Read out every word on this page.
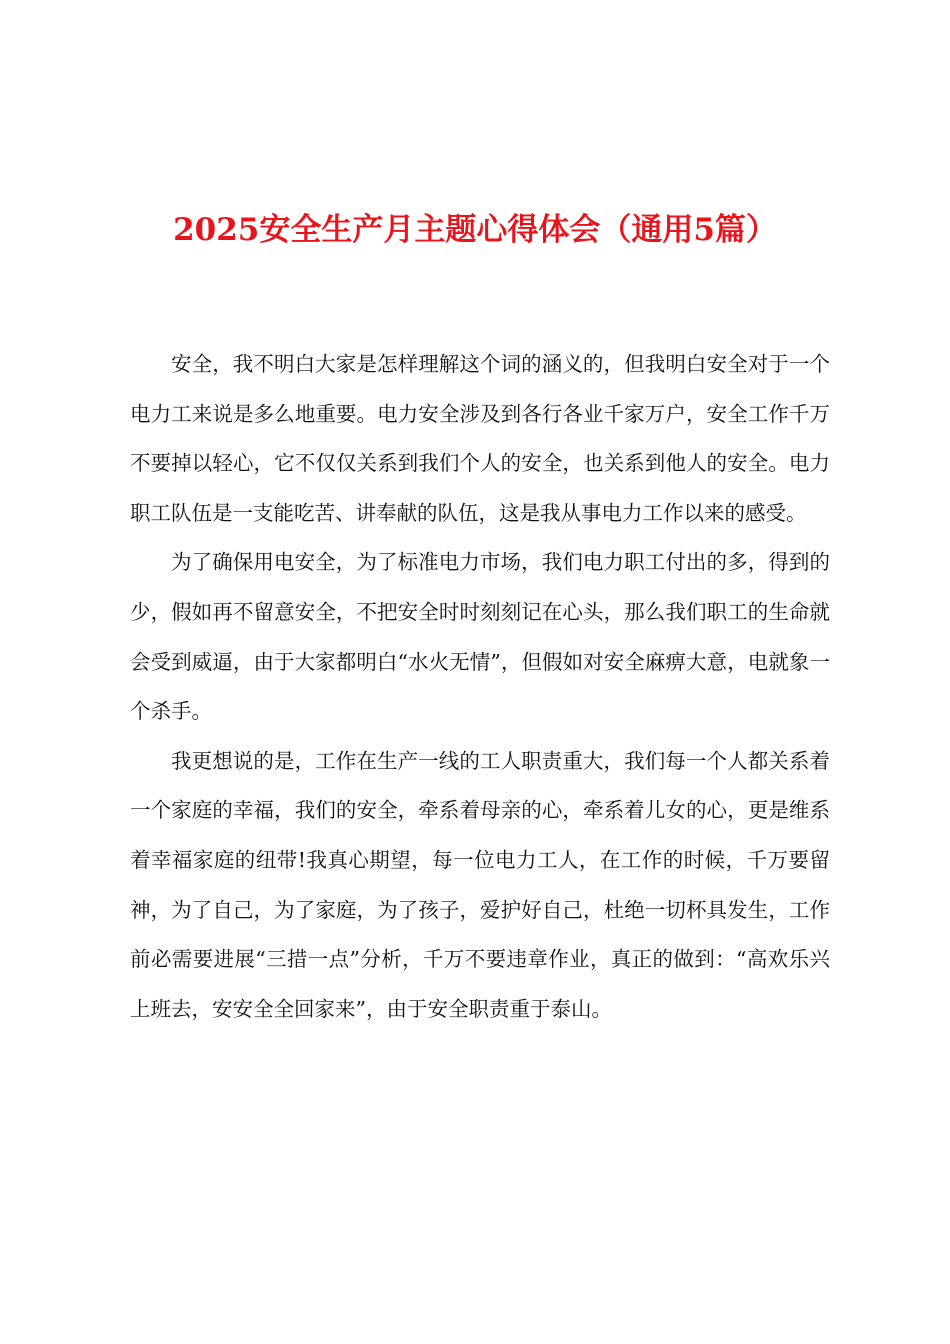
2025安全生产月主题心得体会（通用5篇）

安全，我不明白大家是怎样理解这个词的涵义的，但我明白安全对于一个电力工来说是多么地重要。电力安全涉及到各行各业千家万户，安全工作千万不要掉以轻心，它不仅仅关系到我们个人的安全，也关系到他人的安全。电力职工队伍是一支能吃苦、讲奉献的队伍，这是我从事电力工作以来的感受。

为了确保用电安全，为了标准电力市场，我们电力职工付出的多，得到的少，假如再不留意安全，不把安全时时刻刻记在心头，那么我们职工的生命就会受到威逼，由于大家都明白“水火无情”，但假如对安全麻痹大意，电就象一个杀手。

我更想说的是，工作在生产一线的工人职责重大，我们每一个人都关系着一个家庭的幸福，我们的安全，牵系着母亲的心，牵系着儿女的心，更是维系着幸福家庭的纽带!我真心期望，每一位电力工人，在工作的时候，千万要留神，为了自己，为了家庭，为了孩子，爱护好自己，杜绝一切杯具发生，工作前必需要进展“三措一点”分析，千万不要违章作业，真正的做到：“高欢乐兴上班去，安安全全回家来”，由于安全职责重于泰山。
